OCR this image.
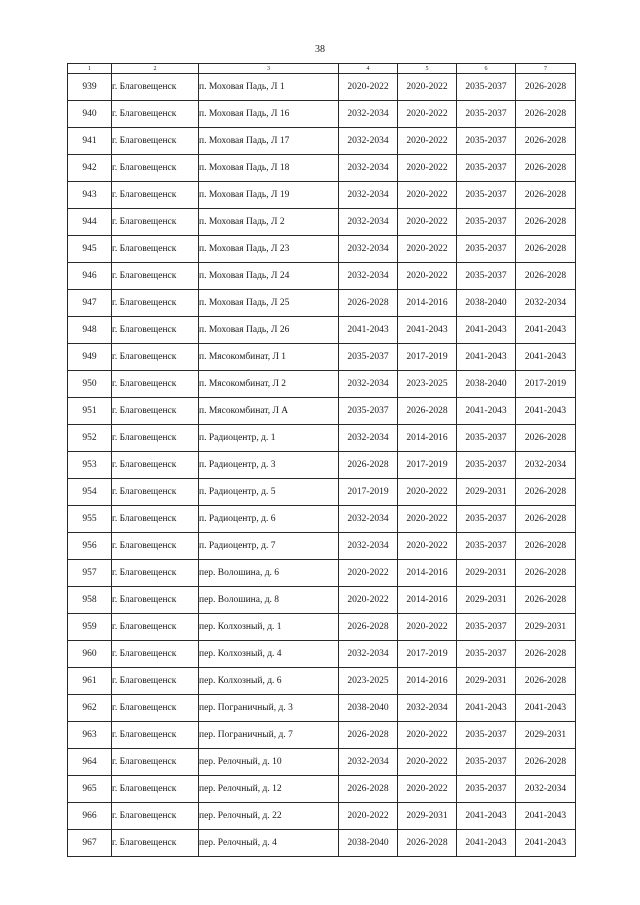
38
1	2	3	4	5	6	7
939	г. Благовещенск	п. Моховая Падь, Л 1	2020-2022	2020-2022	2035-2037	2026-2028
940	г. Благовещенск	п. Моховая Падь, Л 16	2032-2034	2020-2022	2035-2037	2026-2028
941	г. Благовещенск	п. Моховая Падь, Л 17	2032-2034	2020-2022	2035-2037	2026-2028
942	г. Благовещенск	п. Моховая Падь, Л 18	2032-2034	2020-2022	2035-2037	2026-2028
943	г. Благовещенск	п. Моховая Падь, Л 19	2032-2034	2020-2022	2035-2037	2026-2028
944	г. Благовещенск	п. Моховая Падь, Л 2	2032-2034	2020-2022	2035-2037	2026-2028
945	г. Благовещенск	п. Моховая Падь, Л 23	2032-2034	2020-2022	2035-2037	2026-2028
946	г. Благовещенск	п. Моховая Падь, Л 24	2032-2034	2020-2022	2035-2037	2026-2028
947	г. Благовещенск	п. Моховая Падь, Л 25	2026-2028	2014-2016	2038-2040	2032-2034
948	г. Благовещенск	п. Моховая Падь, Л 26	2041-2043	2041-2043	2041-2043	2041-2043
949	г. Благовещенск	п. Мясокомбинат, Л 1	2035-2037	2017-2019	2041-2043	2041-2043
950	г. Благовещенск	п. Мясокомбинат, Л 2	2032-2034	2023-2025	2038-2040	2017-2019
951	г. Благовещенск	п. Мясокомбинат, Л А	2035-2037	2026-2028	2041-2043	2041-2043
952	г. Благовещенск	п. Радиоцентр, д. 1	2032-2034	2014-2016	2035-2037	2026-2028
953	г. Благовещенск	п. Радиоцентр, д. 3	2026-2028	2017-2019	2035-2037	2032-2034
954	г. Благовещенск	п. Радиоцентр, д. 5	2017-2019	2020-2022	2029-2031	2026-2028
955	г. Благовещенск	п. Радиоцентр, д. 6	2032-2034	2020-2022	2035-2037	2026-2028
956	г. Благовещенск	п. Радиоцентр, д. 7	2032-2034	2020-2022	2035-2037	2026-2028
957	г. Благовещенск	пер. Волошина, д. 6	2020-2022	2014-2016	2029-2031	2026-2028
958	г. Благовещенск	пер. Волошина, д. 8	2020-2022	2014-2016	2029-2031	2026-2028
959	г. Благовещенск	пер. Колхозный, д. 1	2026-2028	2020-2022	2035-2037	2029-2031
960	г. Благовещенск	пер. Колхозный, д. 4	2032-2034	2017-2019	2035-2037	2026-2028
961	г. Благовещенск	пер. Колхозный, д. 6	2023-2025	2014-2016	2029-2031	2026-2028
962	г. Благовещенск	пер. Пограничный, д. 3	2038-2040	2032-2034	2041-2043	2041-2043
963	г. Благовещенск	пер. Пограничный, д. 7	2026-2028	2020-2022	2035-2037	2029-2031
964	г. Благовещенск	пер. Релочный, д. 10	2032-2034	2020-2022	2035-2037	2026-2028
965	г. Благовещенск	пер. Релочный, д. 12	2026-2028	2020-2022	2035-2037	2032-2034
966	г. Благовещенск	пер. Релочный, д. 22	2020-2022	2029-2031	2041-2043	2041-2043
967	г. Благовещенск	пер. Релочный, д. 4	2038-2040	2026-2028	2041-2043	2041-2043
